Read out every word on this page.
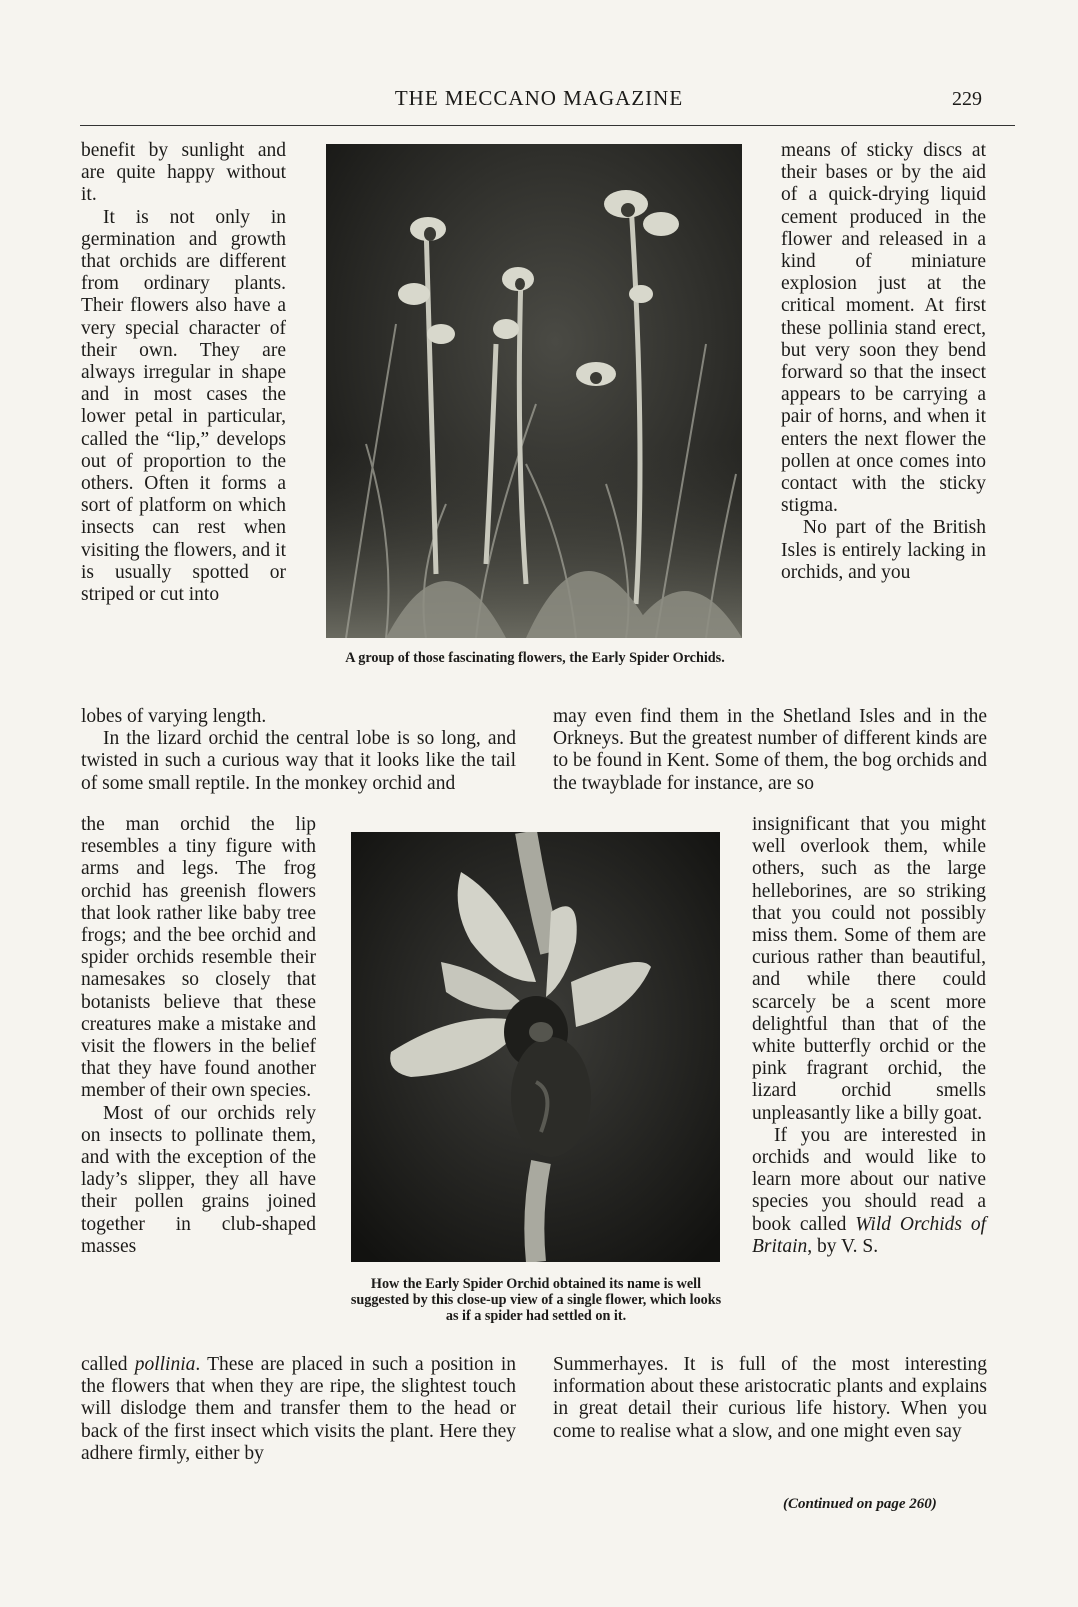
THE MECCANO MAGAZINE	229

benefit by sunlight and are quite happy without it.

It is not only in germination and growth that orchids are different from ordinary plants. Their flowers also have a very special character of their own. They are always irregular in shape and in most cases the lower petal in particular, called the “lip,” develops out of proportion to the others. Often it forms a sort of platform on which insects can rest when visiting the flowers, and it is usually spotted or striped or cut into

A group of those fascinating flowers, the Early Spider Orchids.

means of sticky discs at their bases or by the aid of a quick-drying liquid cement produced in the flower and released in a kind of miniature explosion just at the critical moment. At first these pollinia stand erect, but very soon they bend forward so that the insect appears to be carrying a pair of horns, and when it enters the next flower the pollen at once comes into contact with the sticky stigma.

No part of the British Isles is entirely lacking in orchids, and you

lobes of varying length.

In the lizard orchid the central lobe is so long, and twisted in such a curious way that it looks like the tail of some small reptile. In the monkey orchid and

may even find them in the Shetland Isles and in the Orkneys. But the greatest number of different kinds are to be found in Kent. Some of them, the bog orchids and the twayblade for instance, are so

the man orchid the lip resembles a tiny figure with arms and legs. The frog orchid has greenish flowers that look rather like baby tree frogs; and the bee orchid and spider orchids resemble their namesakes so closely that botanists believe that these creatures make a mistake and visit the flowers in the belief that they have found another member of their own species.

Most of our orchids rely on insects to pollinate them, and with the exception of the lady’s slipper, they all have their pollen grains joined together in club-shaped masses

How the Early Spider Orchid obtained its name is well suggested by this close-up view of a single flower, which looks as if a spider had settled on it.

insignificant that you might well overlook them, while others, such as the large helleborines, are so striking that you could not possibly miss them. Some of them are curious rather than beautiful, and while there could scarcely be a scent more delightful than that of the white butterfly orchid or the pink fragrant orchid, the lizard orchid smells unpleasantly like a billy goat.

If you are interested in orchids and would like to learn more about our native species you should read a book called Wild Orchids of Britain, by V. S.

called pollinia. These are placed in such a position in the flowers that when they are ripe, the slightest touch will dislodge them and transfer them to the head or back of the first insect which visits the plant. Here they adhere firmly, either by

Summerhayes. It is full of the most interesting information about these aristocratic plants and explains in great detail their curious life history. When you come to realise what a slow, and one might even say

(Continued on page 260)
